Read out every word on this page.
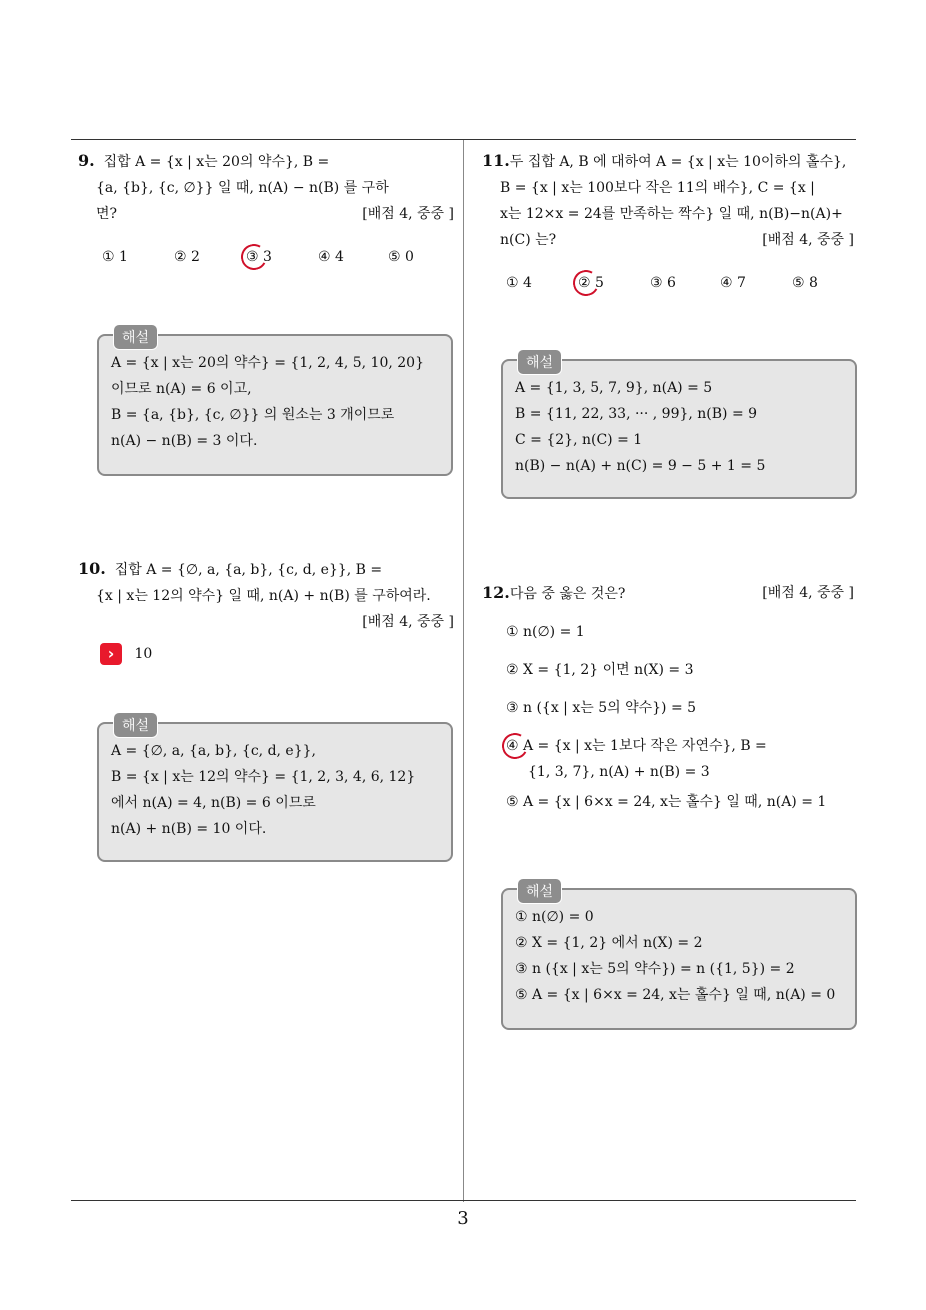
9. 집합 A = {x | x는 20의 약수}, B =
{a, {b}, {c, ∅}} 일 때, n(A) − n(B) 를 구하
면?	[배점 4, 중중 ]
① 1	② 2	③ 3	④ 4	⑤ 0
해설
A = {x | x는 20의 약수} = {1, 2, 4, 5, 10, 20}
이므로 n(A) = 6 이고,
B = {a, {b}, {c, ∅}} 의 원소는 3 개이므로
n(A) − n(B) = 3 이다.
10. 집합 A = {∅, a, {a, b}, {c, d, e}}, B =
{x | x는 12의 약수} 일 때, n(A) + n(B) 를 구하여라.
[배점 4, 중중 ]
› 10
해설
A = {∅, a, {a, b}, {c, d, e}},
B = {x | x는 12의 약수} = {1, 2, 3, 4, 6, 12}
에서 n(A) = 4, n(B) = 6 이므로
n(A) + n(B) = 10 이다.
11.두 집합 A, B 에 대하여 A = {x | x는 10이하의 홀수},
B = {x | x는 100보다 작은 11의 배수}, C = {x |
x는 12×x = 24를 만족하는 짝수} 일 때, n(B)−n(A)+
n(C) 는?	[배점 4, 중중 ]
① 4	② 5	③ 6	④ 7	⑤ 8
해설
A = {1, 3, 5, 7, 9}, n(A) = 5
B = {11, 22, 33, ··· , 99}, n(B) = 9
C = {2}, n(C) = 1
n(B) − n(A) + n(C) = 9 − 5 + 1 = 5
12.다음 중 옳은 것은?	[배점 4, 중중 ]
① n(∅) = 1
② X = {1, 2} 이면 n(X) = 3
③ n ({x | x는 5의 약수}) = 5
④ A = {x | x는 1보다 작은 자연수}, B =
{1, 3, 7}, n(A) + n(B) = 3
⑤ A = {x | 6×x = 24, x는 홀수} 일 때, n(A) = 1
해설
① n(∅) = 0
② X = {1, 2} 에서 n(X) = 2
③ n ({x | x는 5의 약수}) = n ({1, 5}) = 2
⑤ A = {x | 6×x = 24, x는 홀수} 일 때, n(A) = 0
3
